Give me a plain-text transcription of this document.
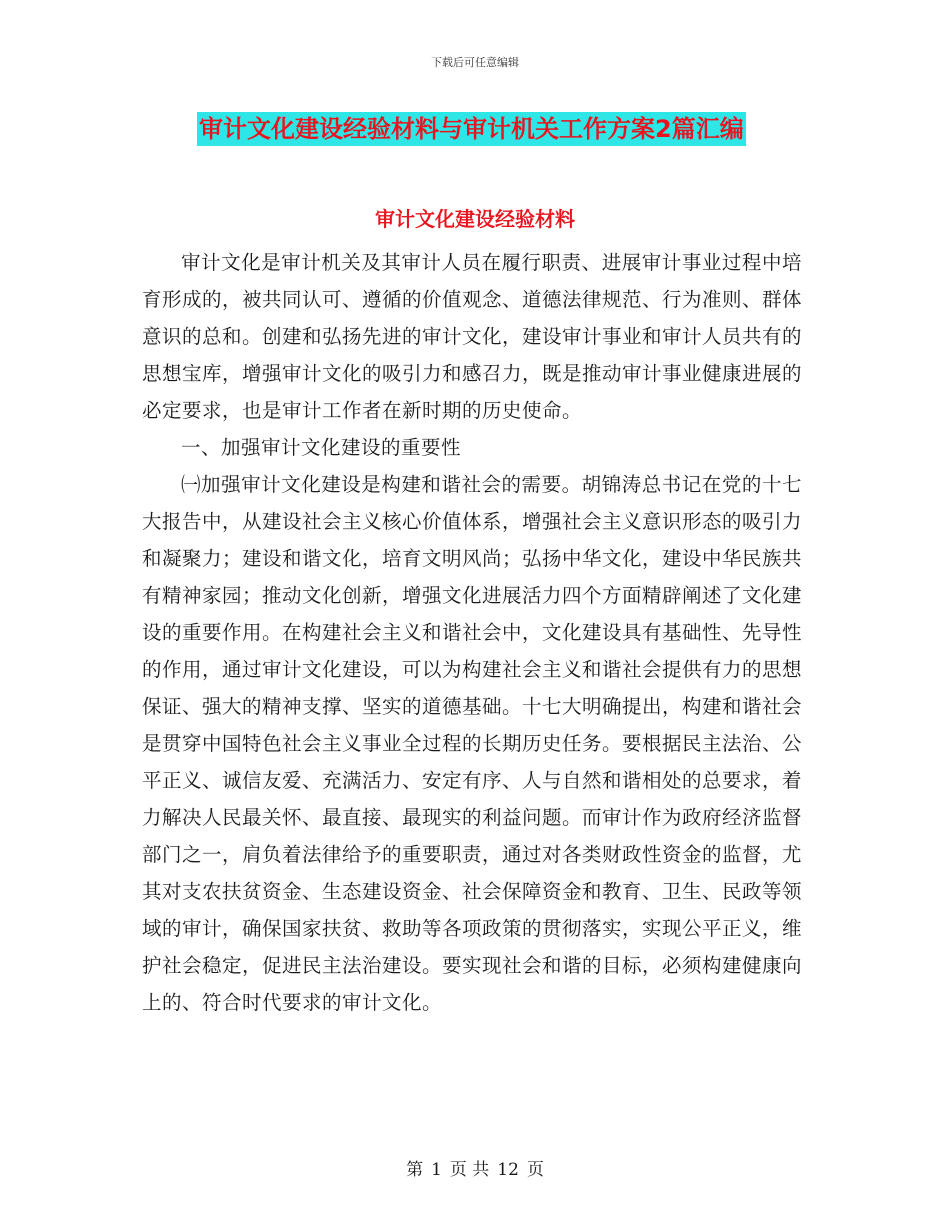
下载后可任意编辑
审计文化建设经验材料与审计机关工作方案2篇汇编
审计文化建设经验材料

审计文化是审计机关及其审计人员在履行职责、进展审计事业过程中培育形成的，被共同认可、遵循的价值观念、道德法律规范、行为准则、群体意识的总和。创建和弘扬先进的审计文化，建设审计事业和审计人员共有的思想宝库，增强审计文化的吸引力和感召力，既是推动审计事业健康进展的必定要求，也是审计工作者在新时期的历史使命。

一、加强审计文化建设的重要性

㈠加强审计文化建设是构建和谐社会的需要。胡锦涛总书记在党的十七大报告中，从建设社会主义核心价值体系，增强社会主义意识形态的吸引力和凝聚力；建设和谐文化，培育文明风尚；弘扬中华文化，建设中华民族共有精神家园；推动文化创新，增强文化进展活力四个方面精辟阐述了文化建设的重要作用。在构建社会主义和谐社会中，文化建设具有基础性、先导性的作用，通过审计文化建设，可以为构建社会主义和谐社会提供有力的思想保证、强大的精神支撑、坚实的道德基础。十七大明确提出，构建和谐社会是贯穿中国特色社会主义事业全过程的长期历史任务。要根据民主法治、公平正义、诚信友爱、充满活力、安定有序、人与自然和谐相处的总要求，着力解决人民最关怀、最直接、最现实的利益问题。而审计作为政府经济监督部门之一，肩负着法律给予的重要职责，通过对各类财政性资金的监督，尤其对支农扶贫资金、生态建设资金、社会保障资金和教育、卫生、民政等领域的审计，确保国家扶贫、救助等各项政策的贯彻落实，实现公平正义，维护社会稳定，促进民主法治建设。要实现社会和谐的目标，必须构建健康向上的、符合时代要求的审计文化。

第 1 页 共 12 页
